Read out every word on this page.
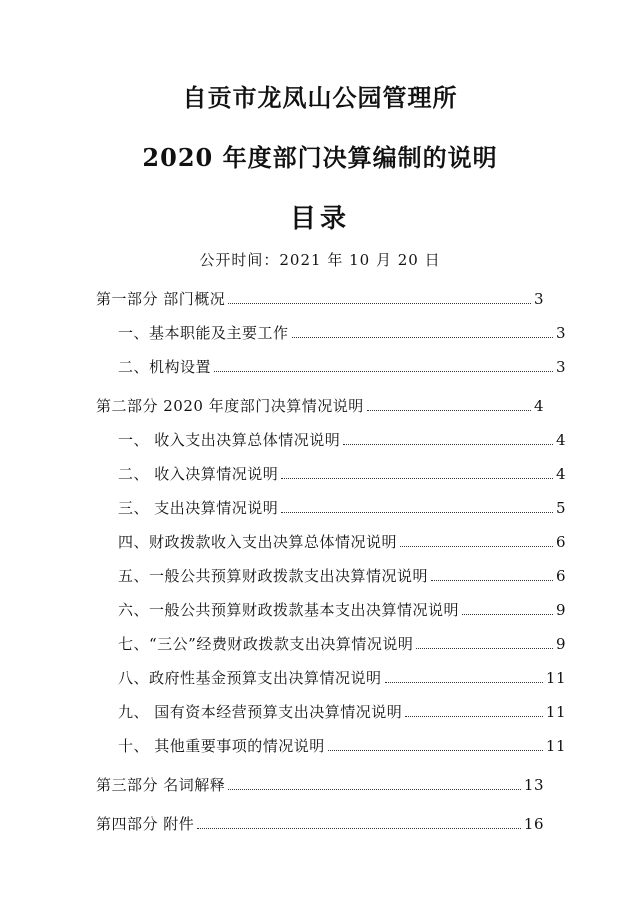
自贡市龙凤山公园管理所
2020 年度部门决算编制的说明
目录
公开时间：2021 年 10 月 20 日
第一部分 部门概况	3
一、基本职能及主要工作	3
二、机构设置	3
第二部分 2020 年度部门决算情况说明	4
一、 收入支出决算总体情况说明	4
二、 收入决算情况说明	4
三、 支出决算情况说明	5
四、财政拨款收入支出决算总体情况说明	6
五、一般公共预算财政拨款支出决算情况说明	6
六、一般公共预算财政拨款基本支出决算情况说明	9
七、“三公”经费财政拨款支出决算情况说明	9
八、政府性基金预算支出决算情况说明	11
九、 国有资本经营预算支出决算情况说明	11
十、 其他重要事项的情况说明	11
第三部分 名词解释	13
第四部分 附件	16
